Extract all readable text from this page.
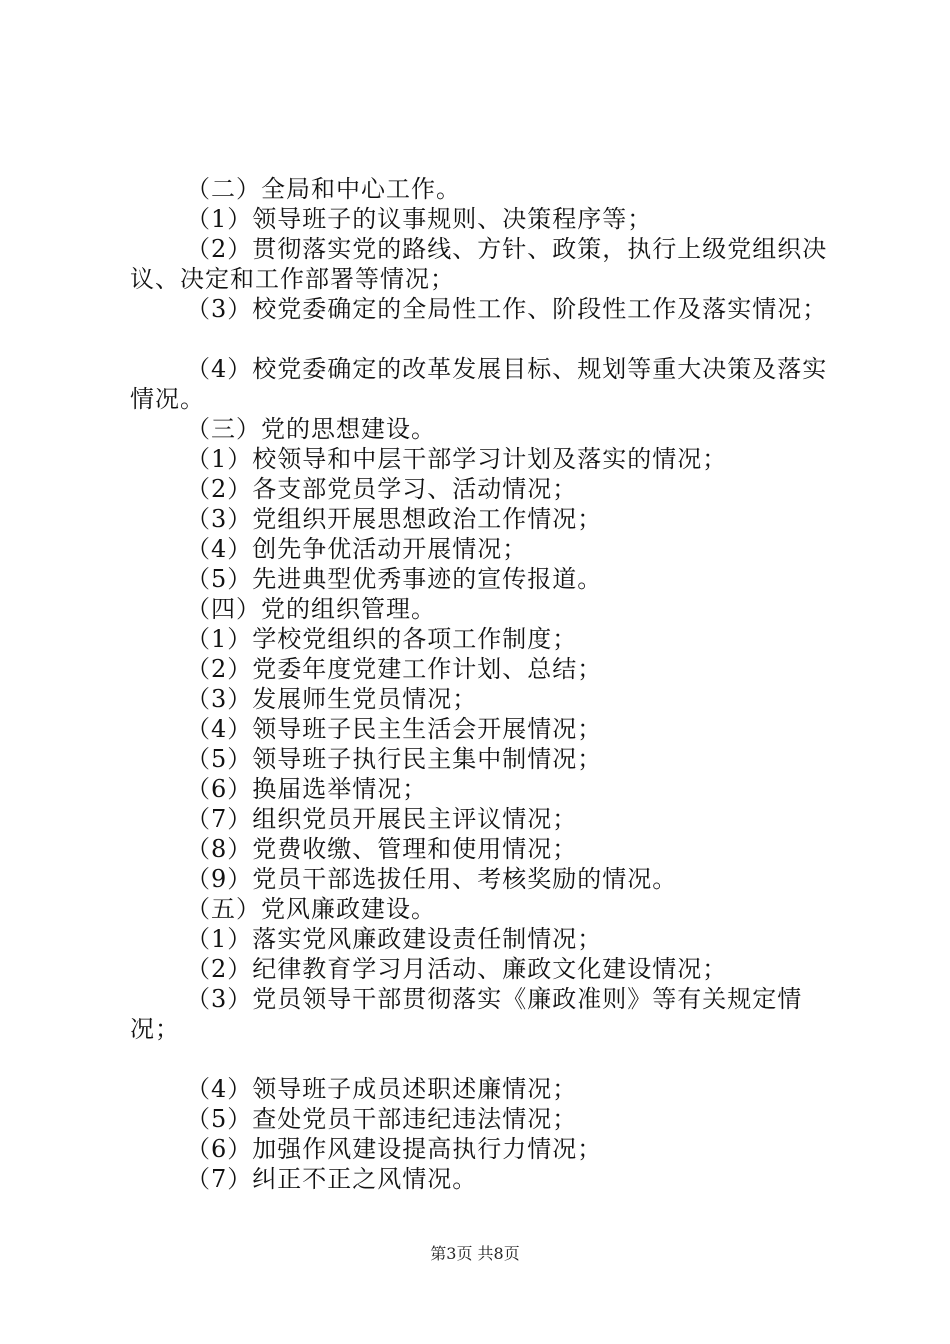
（二）全局和中心工作。

（1）领导班子的议事规则、决策程序等；

（2）贯彻落实党的路线、方针、政策，执行上级党组织决议、决定和工作部署等情况；

（3）校党委确定的全局性工作、阶段性工作及落实情况；

（4）校党委确定的改革发展目标、规划等重大决策及落实情况。

（三）党的思想建设。

（1）校领导和中层干部学习计划及落实的情况；

（2）各支部党员学习、活动情况；

（3）党组织开展思想政治工作情况；

（4）创先争优活动开展情况；

（5）先进典型优秀事迹的宣传报道。

（四）党的组织管理。

（1）学校党组织的各项工作制度；

（2）党委年度党建工作计划、总结；

（3）发展师生党员情况；

（4）领导班子民主生活会开展情况；

（5）领导班子执行民主集中制情况；

（6）换届选举情况；

（7）组织党员开展民主评议情况；

（8）党费收缴、管理和使用情况；

（9）党员干部选拔任用、考核奖励的情况。

（五）党风廉政建设。

（1）落实党风廉政建设责任制情况；

（2）纪律教育学习月活动、廉政文化建设情况；

（3）党员领导干部贯彻落实《廉政准则》等有关规定情况；

（4）领导班子成员述职述廉情况；

（5）查处党员干部违纪违法情况；

（6）加强作风建设提高执行力情况；

（7）纠正不正之风情况。

第3页 共8页
